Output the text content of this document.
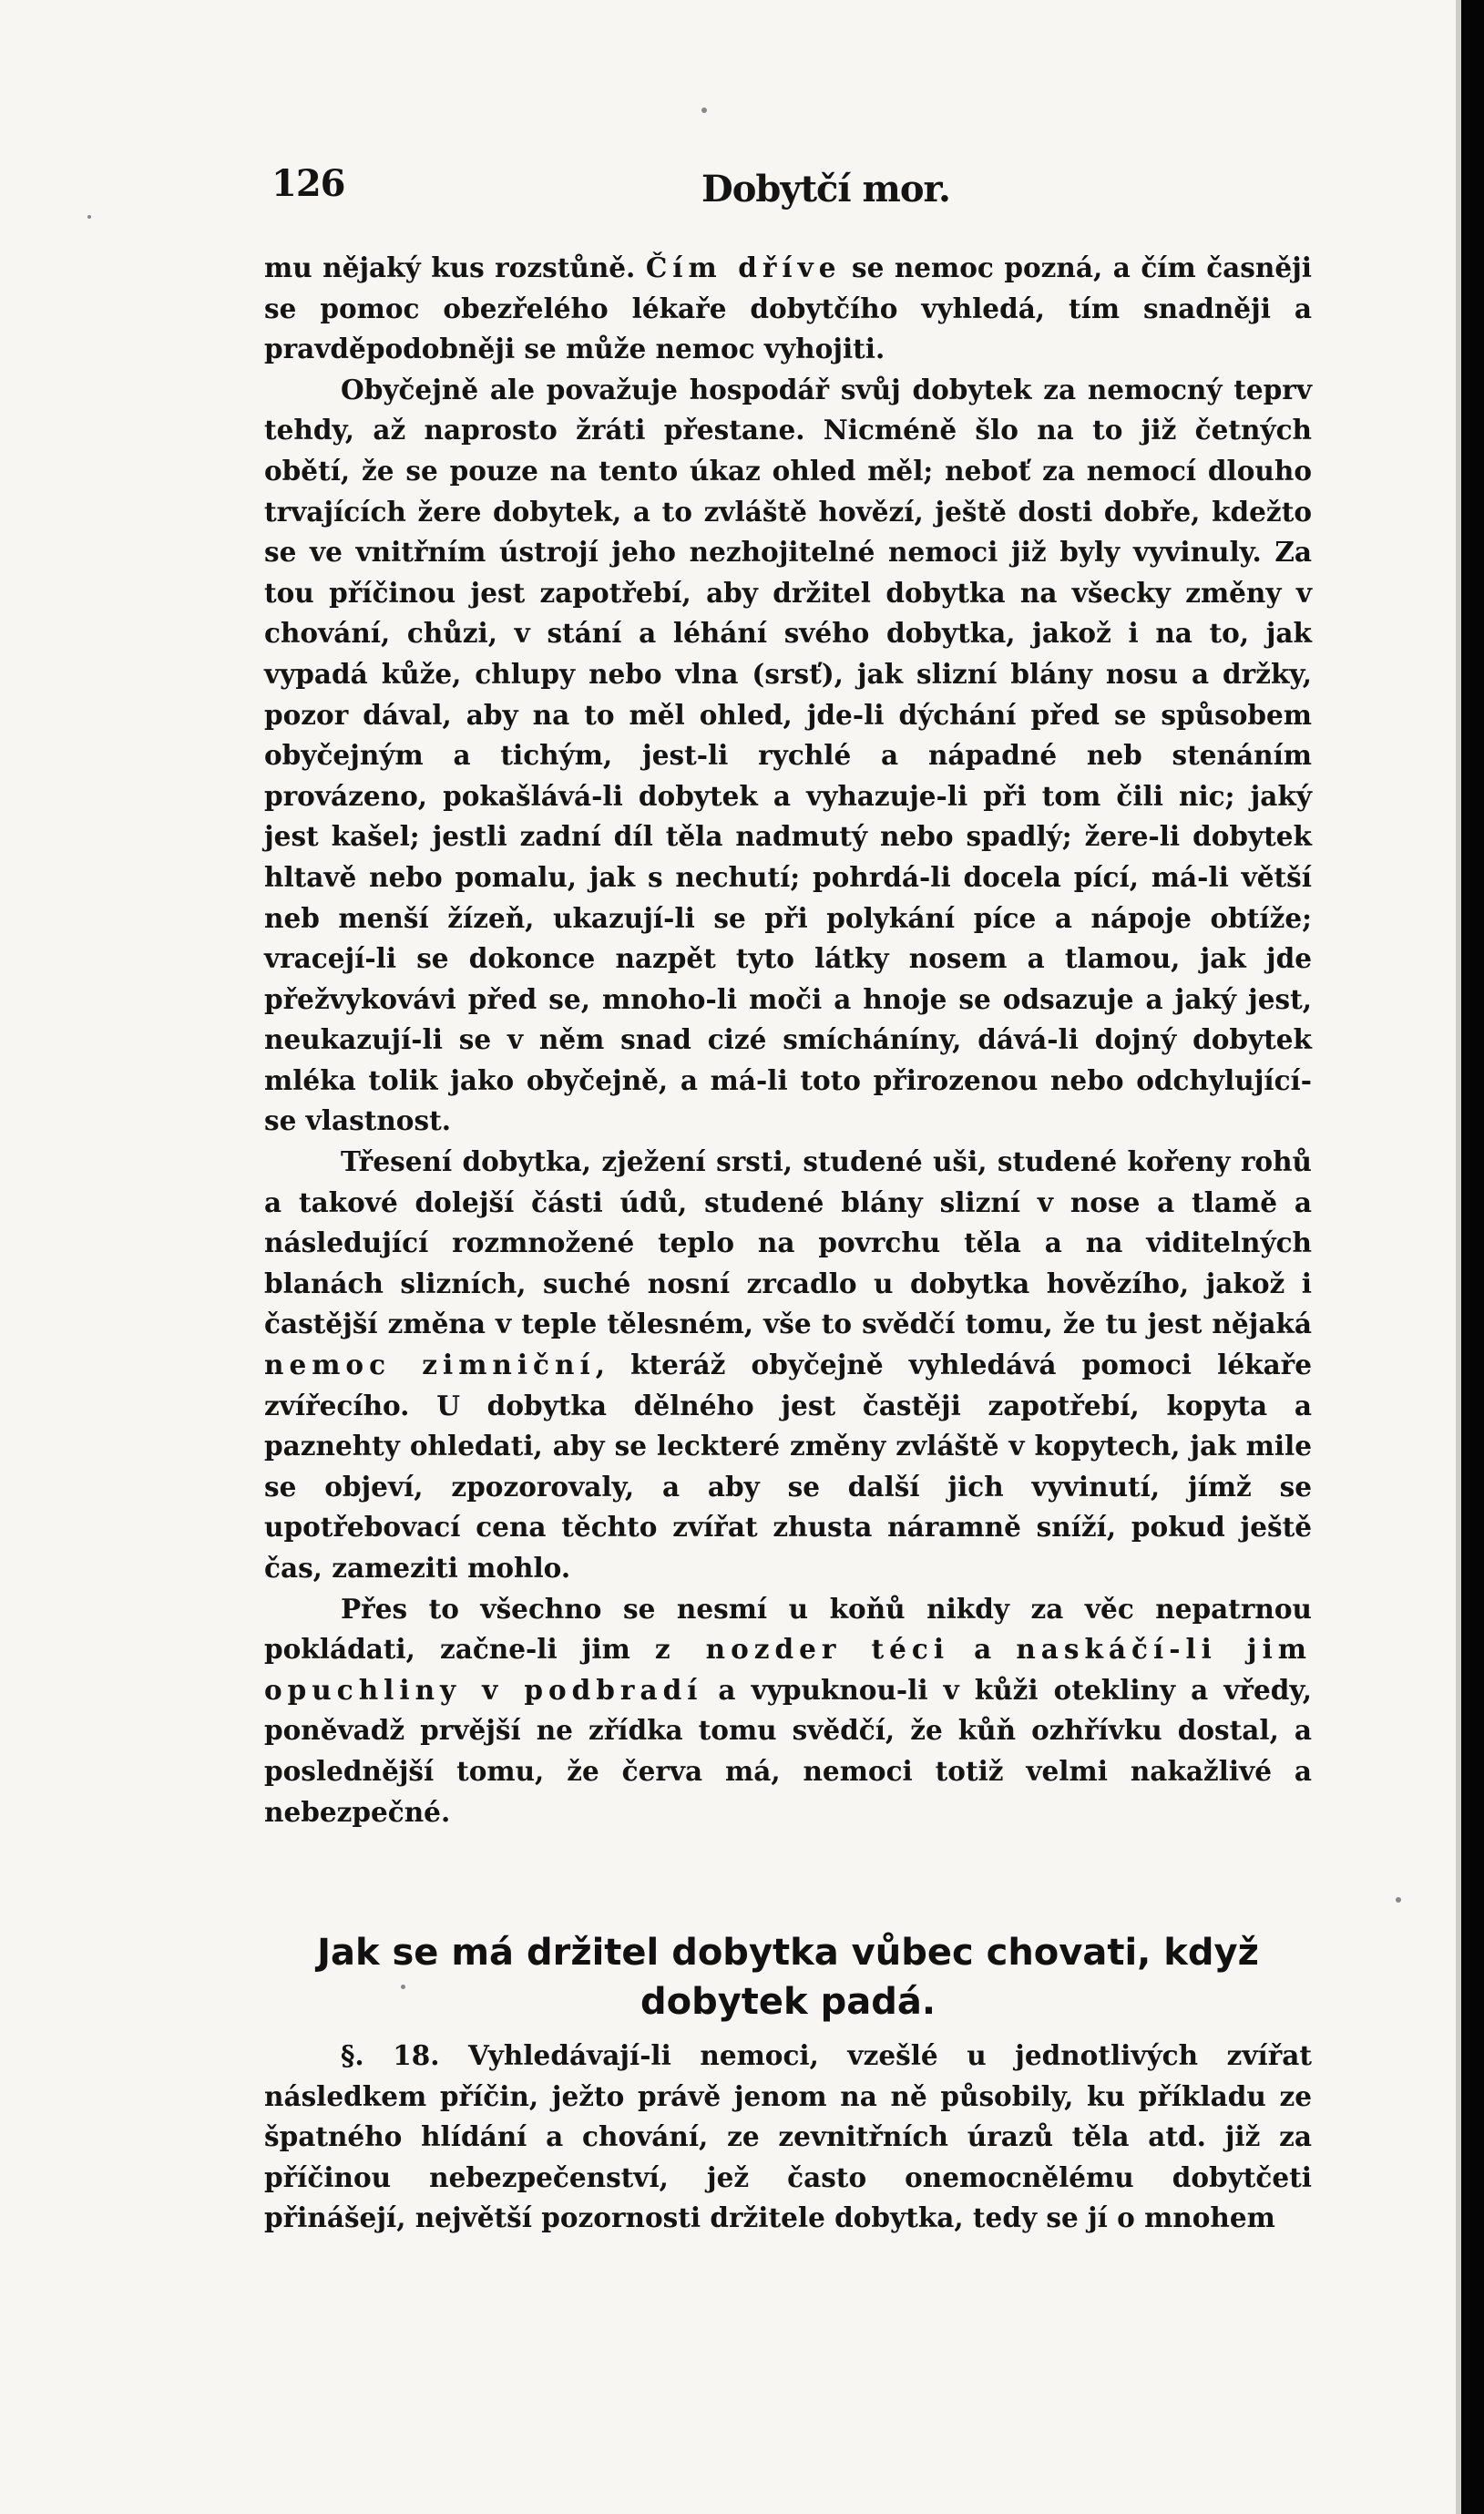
126	Dobytčí mor.

mu nějaký kus rozstůně. Čím dříve se nemoc pozná, a čím časněji se pomoc obezřelého lékaře dobytčího vyhledá, tím snadněji a pravděpodobněji se může nemoc vyhojiti.

Obyčejně ale považuje hospodář svůj dobytek za nemocný teprv tehdy, až naprosto žráti přestane. Nicméně šlo na to již četných obětí, že se pouze na tento úkaz ohled měl; neboť za nemocí dlouho trvajících žere dobytek, a to zvláště hovězí, ještě dosti dobře, kdežto se ve vnitřním ústrojí jeho nezhojitelné nemoci již byly vyvinuly. Za tou příčinou jest zapotřebí, aby držitel dobytka na všecky změny v chování, chůzi, v stání a léhání svého dobytka, jakož i na to, jak vypadá kůže, chlupy nebo vlna (srsť), jak slizní blány nosu a držky, pozor dával, aby na to měl ohled, jde-li dýchání před se spůsobem obyčejným a tichým, jest-li rychlé a nápadné neb stenáním provázeno, pokašlává-li dobytek a vyhazuje-li při tom čili nic; jaký jest kašel; jestli zadní díl těla nadmutý nebo spadlý; žere-li dobytek hltavě nebo pomalu, jak s nechutí; pohrdá-li docela pící, má-li větší neb menší žízeň, ukazují-li se při polykání píce a nápoje obtíže; vracejí-li se dokonce nazpět tyto látky nosem a tlamou, jak jde přežvykovávi před se, mnoho-li moči a hnoje se odsazuje a jaký jest, neukazují-li se v něm snad cizé smícháníny, dává-li dojný dobytek mléka tolik jako obyčejně, a má-li toto přirozenou nebo odchylující-se vlastnost.

Třesení dobytka, zježení srsti, studené uši, studené kořeny rohů a takové dolejší části údů, studené blány slizní v nose a tlamě a následující rozmnožené teplo na povrchu těla a na viditelných blanách slizních, suché nosní zrcadlo u dobytka hovězího, jakož i častější změna v teple tělesném, vše to svědčí tomu, že tu jest nějaká nemoc zimniční, kteráž obyčejně vyhledává pomoci lékaře zvířecího. U dobytka dělného jest častěji zapotřebí, kopyta a paznehty ohledati, aby se leckteré změny zvláště v kopytech, jak mile se objeví, zpozorovaly, a aby se další jich vyvinutí, jímž se upotřebovací cena těchto zvířat zhusta náramně sníží, pokud ještě čas, zameziti mohlo.

Přes to všechno se nesmí u koňů nikdy za věc nepatrnou pokládati, začne-li jim z nozder téci a naskáčí-li jim opuchliny v podbradí a vypuknou-li v kůži otekliny a vředy, poněvadž prvější ne zřídka tomu svědčí, že kůň ozhřívku dostal, a poslednější tomu, že červa má, nemoci totiž velmi nakažlivé a nebezpečné.

Jak se má držitel dobytka vůbec chovati, když dobytek padá.

§. 18. Vyhledávají-li nemoci, vzešlé u jednotlivých zvířat následkem příčin, ježto právě jenom na ně působily, ku příkladu ze špatného hlídání a chování, ze zevnitřních úrazů těla atd. již za příčinou nebezpečenství, jež často onemocnělému dobytčeti přinášejí, největší pozornosti držitele dobytka, tedy se jí o mnohem
